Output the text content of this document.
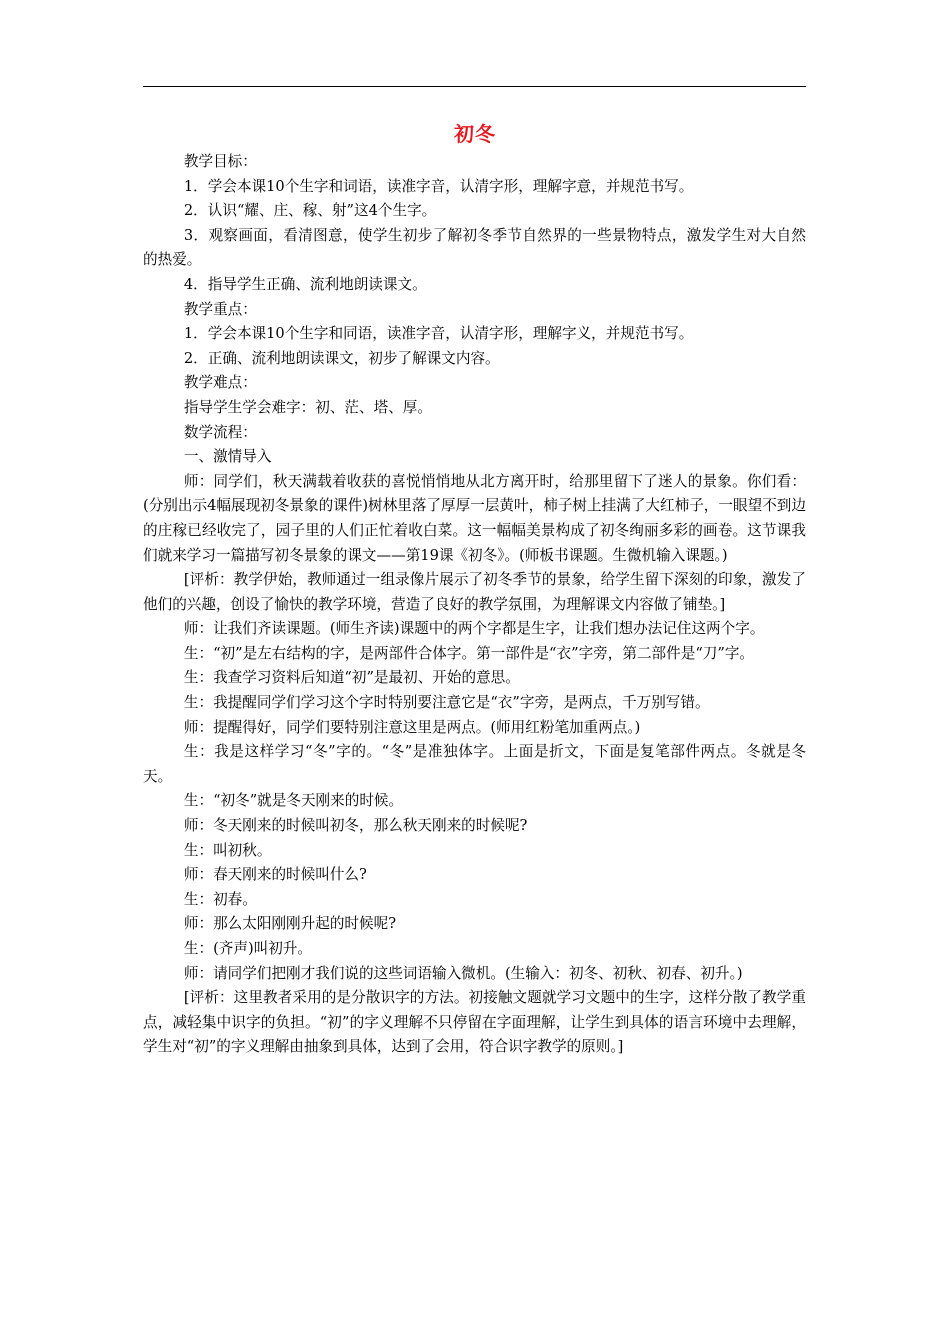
初冬

教学目标：

1．学会本课10个生字和词语，读准字音，认清字形，理解字意，并规范书写。

2．认识“耀、庄、稼、射”这4个生字。

3．观察画面，看清图意，使学生初步了解初冬季节自然界的一些景物特点，激发学生对大自然的热爱。

4．指导学生正确、流利地朗读课文。

教学重点：

1．学会本课10个生字和同语，读准字音，认清字形，理解字义，并规范书写。

2．正确、流利地朗读课文，初步了解课文内容。

教学难点：

指导学生学会难字：初、茫、塔、厚。

数学流程：

一、激情导入

师：同学们，秋天满载着收获的喜悦悄悄地从北方离开时，给那里留下了迷人的景象。你们看：(分别出示4幅展现初冬景象的课件)树林里落了厚厚一层黄叶，柿子树上挂满了大红柿子，一眼望不到边的庄稼已经收完了，园子里的人们正忙着收白菜。这一幅幅美景构成了初冬绚丽多彩的画卷。这节课我们就来学习一篇描写初冬景象的课文——第19课《初冬》。(师板书课题。生微机输入课题。)

[评析：教学伊始，教师通过一组录像片展示了初冬季节的景象，给学生留下深刻的印象，激发了他们的兴趣，创设了愉快的教学环境，营造了良好的教学氛围，为理解课文内容做了铺垫。]

师：让我们齐读课题。(师生齐读)课题中的两个字都是生字，让我们想办法记住这两个字。

生：“初”是左右结构的字，是两部件合体字。第一部件是“衣”字旁，第二部件是“刀”字。

生：我查学习资料后知道“初”是最初、开始的意思。

生：我提醒同学们学习这个字时特别要注意它是“衣”字旁，是两点，千万别写错。

师：提醒得好，同学们要特别注意这里是两点。(师用红粉笔加重两点。)

生：我是这样学习“冬”字的。“冬”是准独体字。上面是折文，下面是复笔部件两点。冬就是冬天。

生：“初冬”就是冬天刚来的时候。

师：冬天刚来的时候叫初冬，那么秋天刚来的时候呢?

生：叫初秋。

师：春天刚来的时候叫什么?

生：初春。

师：那么太阳刚刚升起的时候呢?

生：(齐声)叫初升。

师：请同学们把刚才我们说的这些词语输入微机。(生输入：初冬、初秋、初春、初升。)

[评析：这里教者采用的是分散识字的方法。初接触文题就学习文题中的生字，这样分散了教学重点，减轻集中识字的负担。“初”的字义理解不只停留在字面理解，让学生到具体的语言环境中去理解，学生对“初”的字义理解由抽象到具体，达到了会用，符合识字教学的原则。]
